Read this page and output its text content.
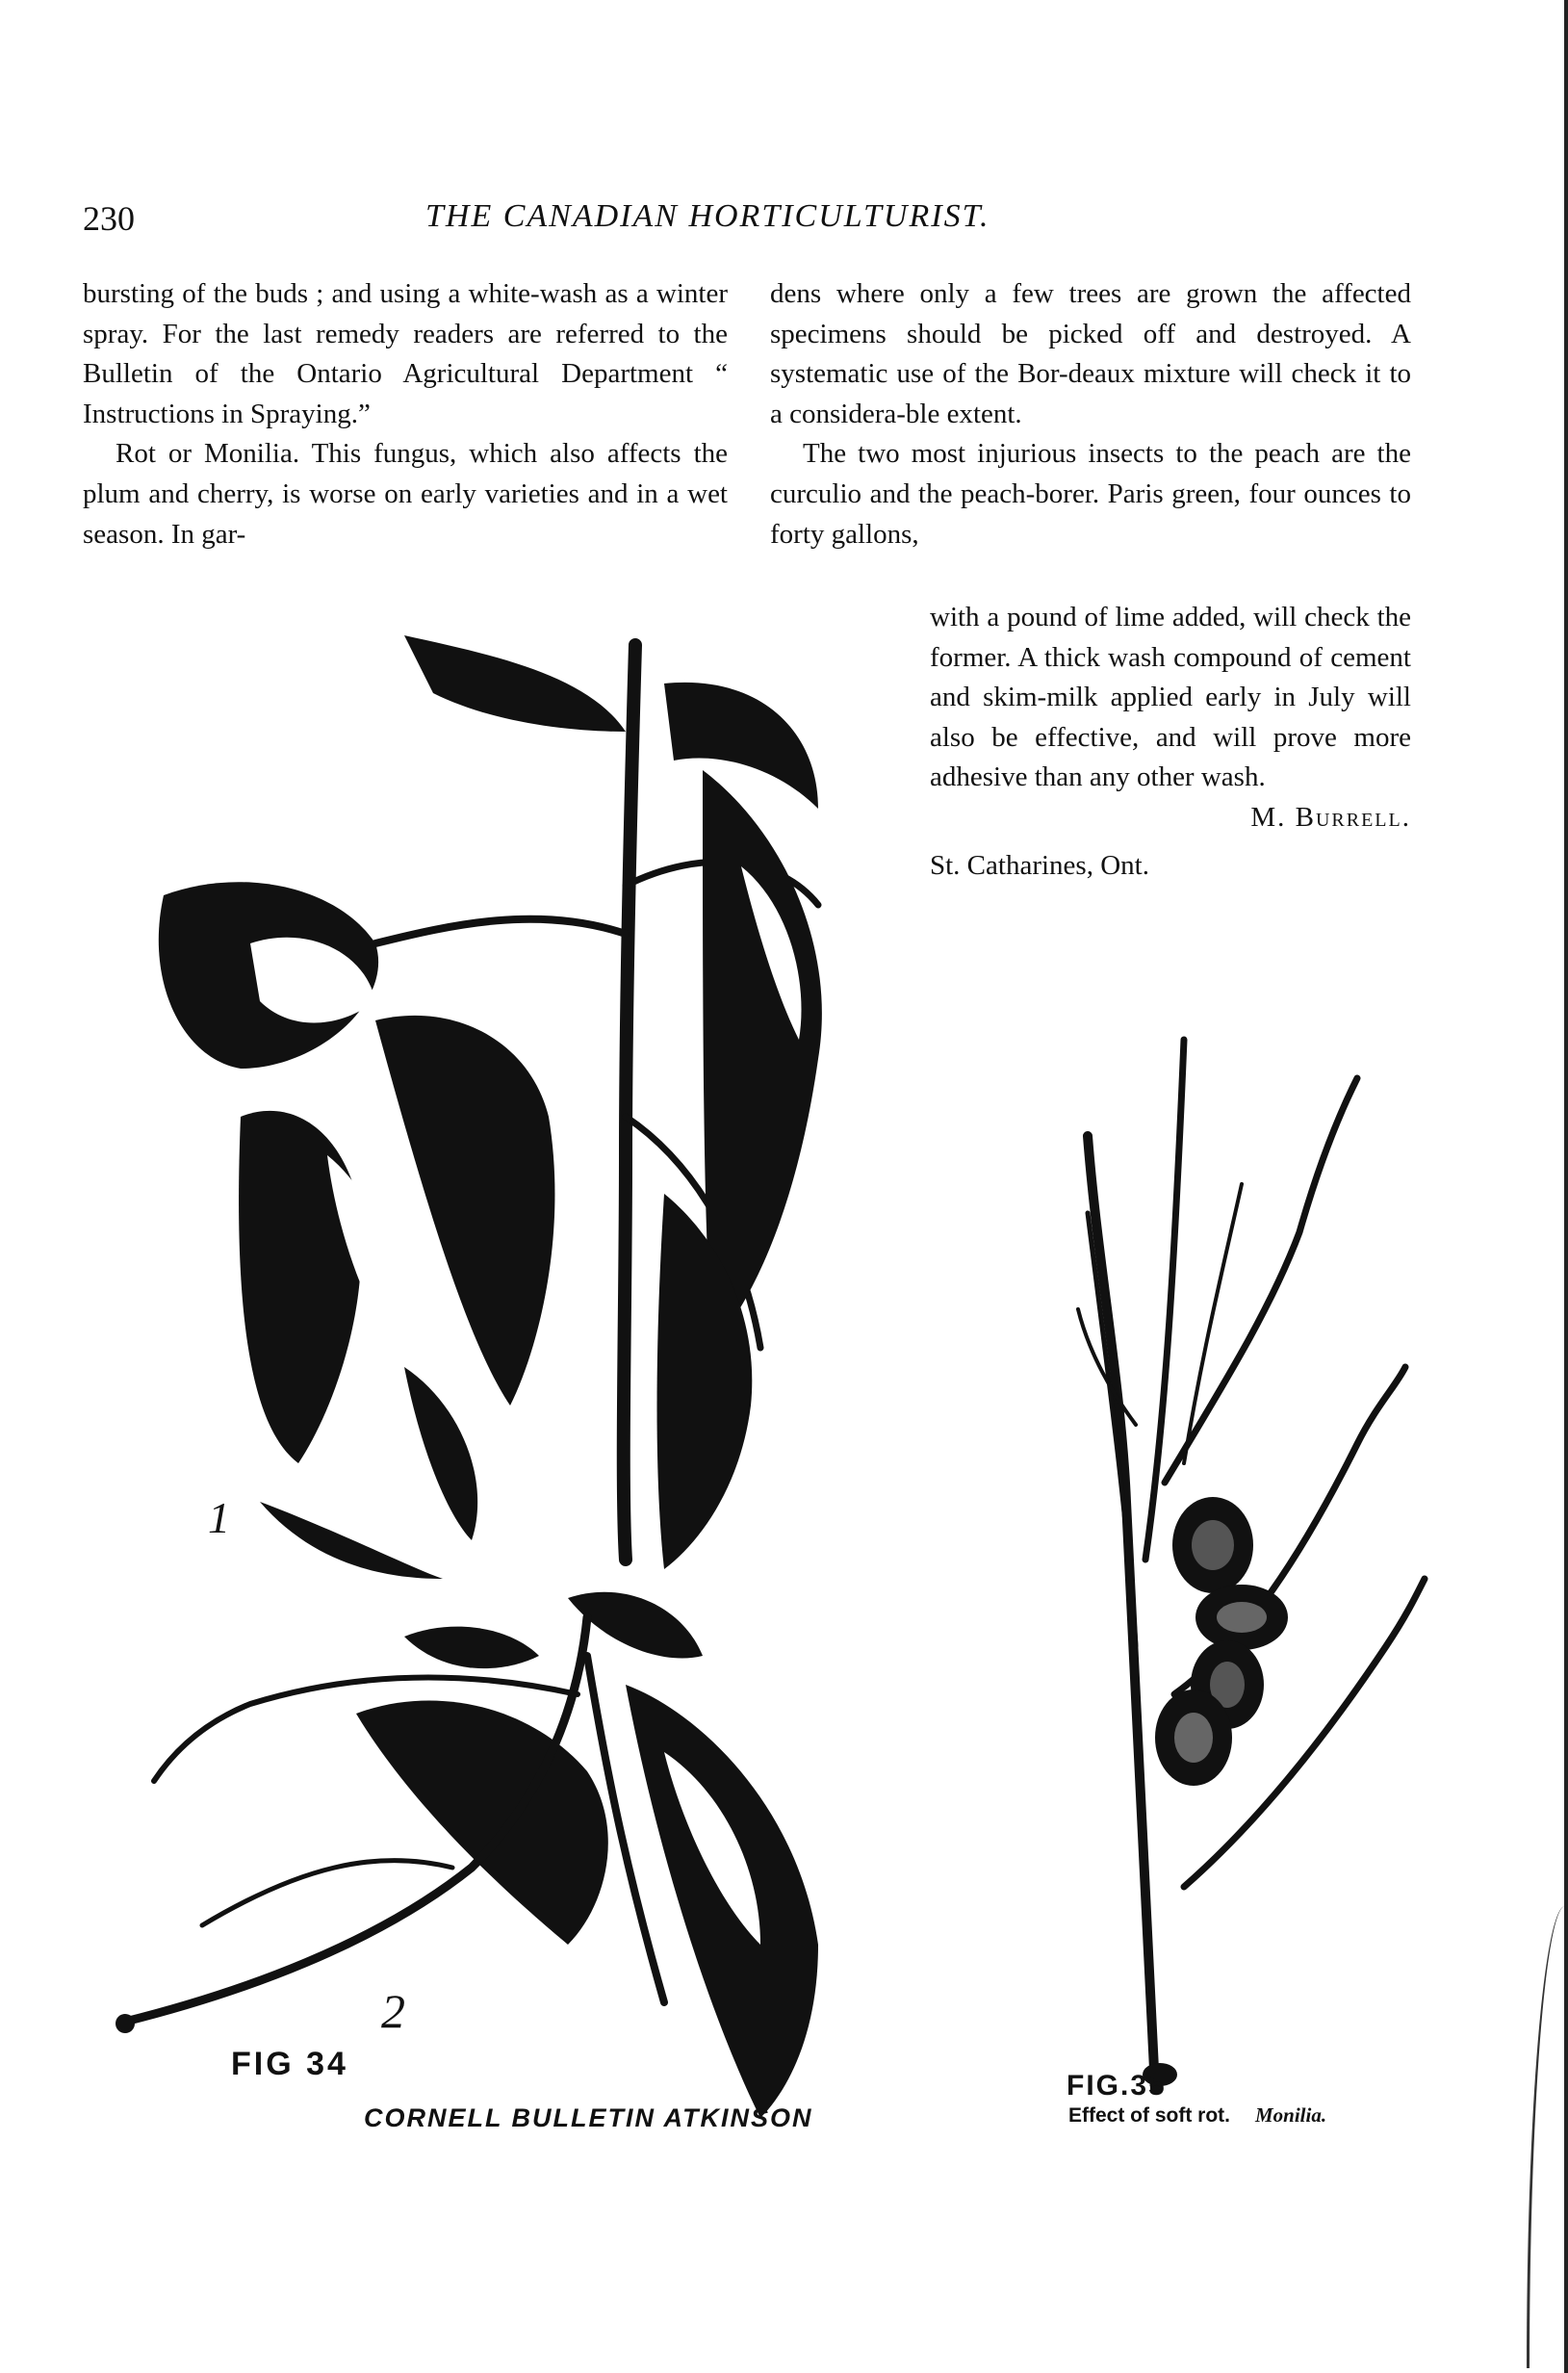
230	THE CANADIAN HORTICULTURIST.

bursting of the buds ; and using a white-wash as a winter spray. For the last remedy readers are referred to the Bulletin of the Ontario Agricultural Department “ Instructions in Spraying.”

Rot or Monilia. This fungus, which also affects the plum and cherry, is worse on early varieties and in a wet season. In gar-

dens where only a few trees are grown the affected specimens should be picked off and destroyed. A systematic use of the Bor-deaux mixture will check it to a considera-ble extent.

The two most injurious insects to the peach are the curculio and the peach-borer. Paris green, four ounces to forty gallons,

with a pound of lime added, will check the former. A thick wash compound of cement and skim-milk applied early in July will also be effective, and will prove more adhesive than any other wash.

M. Burrell.

St. Catharines, Ont.

1
2
FIG 34
CORNELL BULLETIN ATKINSON
FIG.35
Effect of soft rot. Monilia.
